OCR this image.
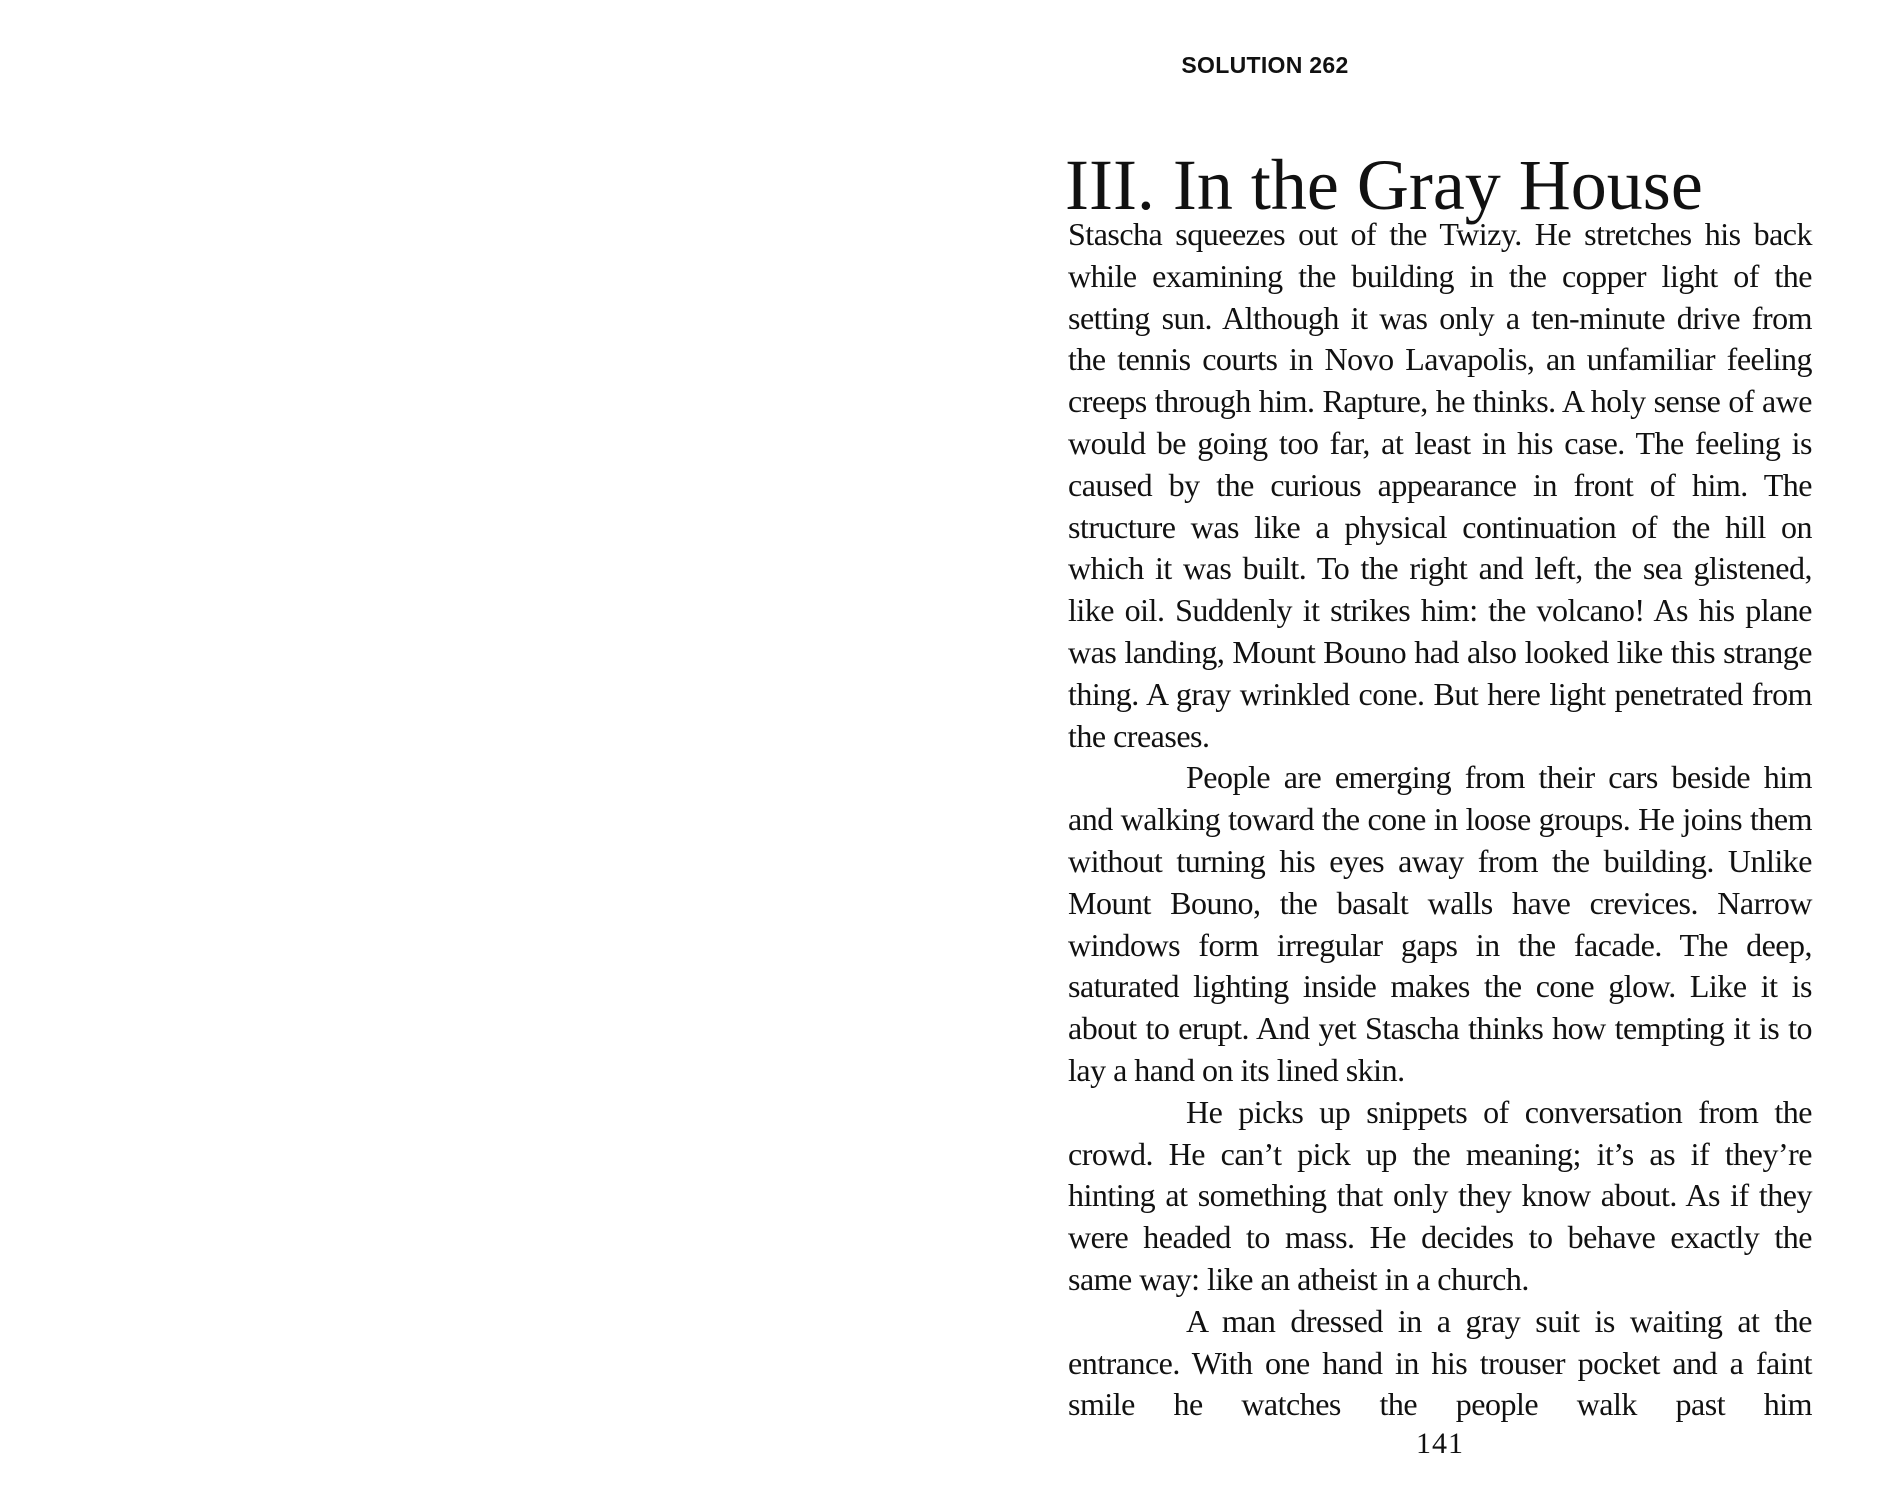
SOLUTION 262
III. In the Gray House

Stascha squeezes out of the Twizy. He stretches his back while examining the building in the copper light of the setting sun. Although it was only a ten-minute drive from the tennis courts in Novo Lavapolis, an unfamiliar feeling creeps through him. Rapture, he thinks. A holy sense of awe would be going too far, at least in his case. The feeling is caused by the curious appearance in front of him. The structure was like a physical continuation of the hill on which it was built. To the right and left, the sea glistened, like oil. Suddenly it strikes him: the volcano! As his plane was landing, Mount Bouno had also looked like this strange thing. A gray wrinkled cone. But here light penetrated from the creases.

People are emerging from their cars beside him and walking toward the cone in loose groups. He joins them without turning his eyes away from the building. Unlike Mount Bouno, the basalt walls have crevices. Narrow windows form irregular gaps in the facade. The deep, saturated lighting inside makes the cone glow. Like it is about to erupt. And yet Stascha thinks how tempting it is to lay a hand on its lined skin.

He picks up snippets of conversation from the crowd. He can’t pick up the meaning; it’s as if they’re hinting at something that only they know about. As if they were headed to mass. He decides to behave exactly the same way: like an atheist in a church.

A man dressed in a gray suit is waiting at the entrance. With one hand in his trouser pocket and a faint smile he watches the people walk past him

141
